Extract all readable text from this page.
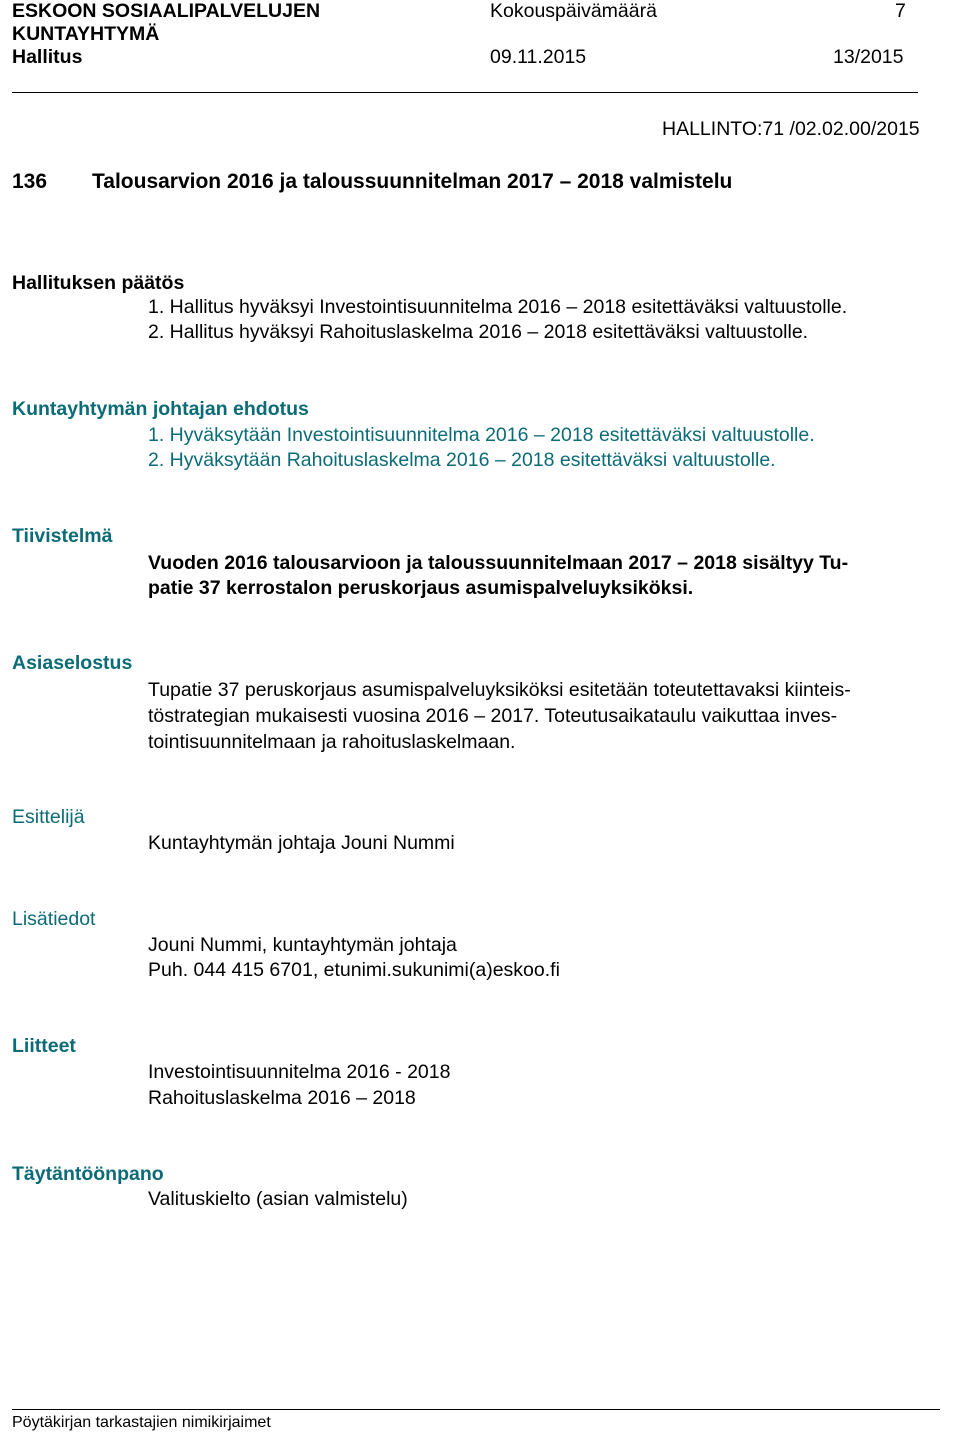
ESKOON SOSIAALIPALVELUJEN
KUNTAYHTYMÄ
Kokouspäivämäärä	7
Hallitus	09.11.2015	13/2015
HALLINTO:71 /02.02.00/2015
136 Talousarvion 2016 ja taloussuunnitelman 2017 – 2018 valmistelu
Hallituksen päätös
1. Hallitus hyväksyi Investointisuunnitelma 2016 – 2018 esitettäväksi valtuustolle.
2. Hallitus hyväksyi Rahoituslaskelma 2016 – 2018 esitettäväksi valtuustolle.
Kuntayhtymän johtajan ehdotus
1. Hyväksytään Investointisuunnitelma 2016 – 2018 esitettäväksi valtuustolle.
2. Hyväksytään Rahoituslaskelma 2016 – 2018 esitettäväksi valtuustolle.
Tiivistelmä
Vuoden 2016 talousarvioon ja taloussuunnitelmaan 2017 – 2018 sisältyy Tu-
patie 37 kerrostalon peruskorjaus asumispalveluyksiköksi.
Asiaselostus
Tupatie 37 peruskorjaus asumispalveluyksiköksi esitetään toteutettavaksi kiinteis-
töstrategian mukaisesti vuosina 2016 – 2017. Toteutusaikataulu vaikuttaa inves-
tointisuunnitelmaan ja rahoituslaskelmaan.
Esittelijä
Kuntayhtymän johtaja Jouni Nummi
Lisätiedot
Jouni Nummi, kuntayhtymän johtaja
Puh. 044 415 6701, etunimi.sukunimi(a)eskoo.fi
Liitteet
Investointisuunnitelma 2016 - 2018
Rahoituslaskelma 2016 – 2018
Täytäntöönpano
Valituskielto (asian valmistelu)
Pöytäkirjan tarkastajien nimikirjaimet
